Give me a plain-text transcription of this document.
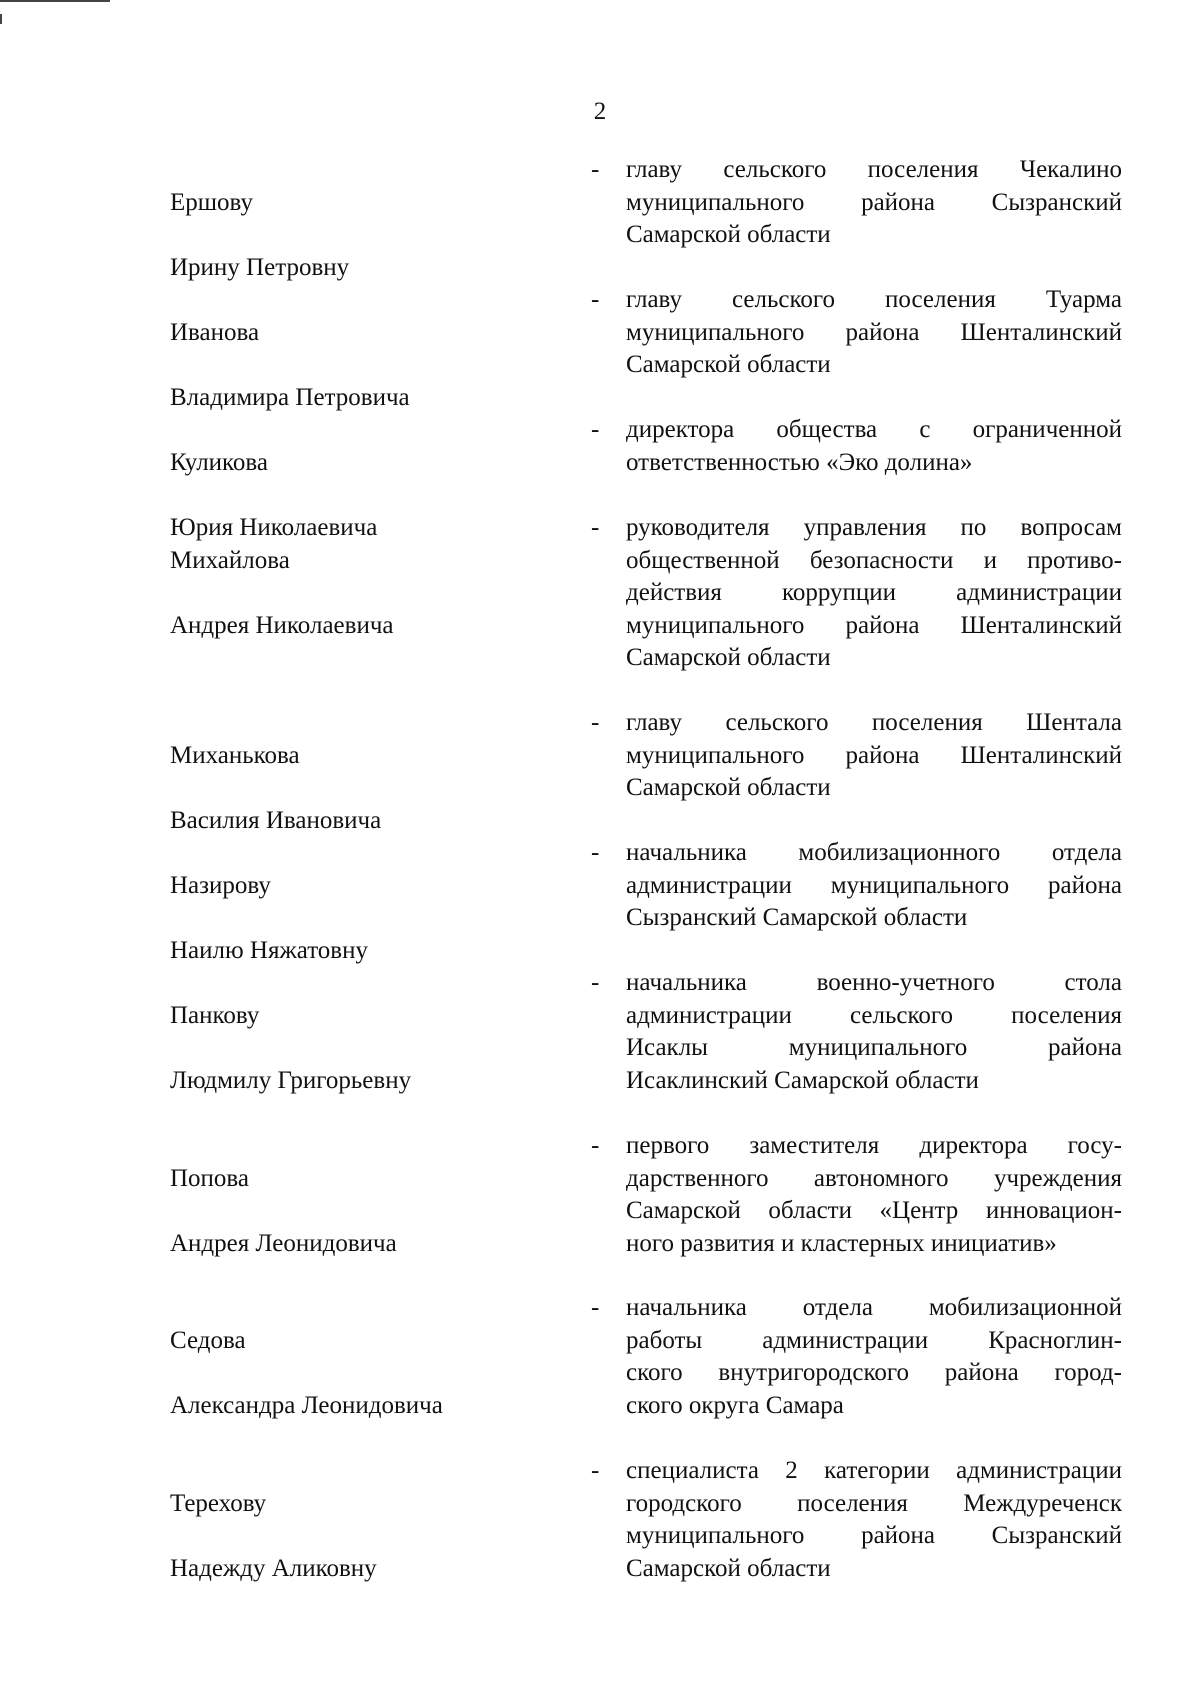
2

Ершову

Ирину Петровну

- главу сельского поселения Чекалино
муниципального района Сызранский
Самарской области

Иванова

Владимира Петровича

- главу сельского поселения Туарма
муниципального района Шенталинский
Самарской области

Куликова

Юрия Николаевича

- директора общества с ограниченной
ответственностью «Эко долина»

Михайлова

Андрея Николаевича

- руководителя управления по вопросам
общественной безопасности и противо-
действия коррупции администрации
муниципального района Шенталинский
Самарской области

Миханькова

Василия Ивановича

- главу сельского поселения Шентала
муниципального района Шенталинский
Самарской области

Назирову

Наилю Няжатовну

- начальника мобилизационного отдела
администрации муниципального района
Сызранский Самарской области

Панкову

Людмилу Григорьевну

- начальника военно-учетного стола
администрации сельского поселения
Исаклы муниципального района
Исаклинский Самарской области

Попова

Андрея Леонидовича

- первого заместителя директора госу-
дарственного автономного учреждения
Самарской области «Центр инновацион-
ного развития и кластерных инициатив»

Седова

Александра Леонидовича

- начальника отдела мобилизационной
работы администрации Красноглин-
ского внутригородского района город-
ского округа Самара

Терехову

Надежду Аликовну

- специалиста 2 категории администрации
городского поселения Междуреченск
муниципального района Сызранский
Самарской области
